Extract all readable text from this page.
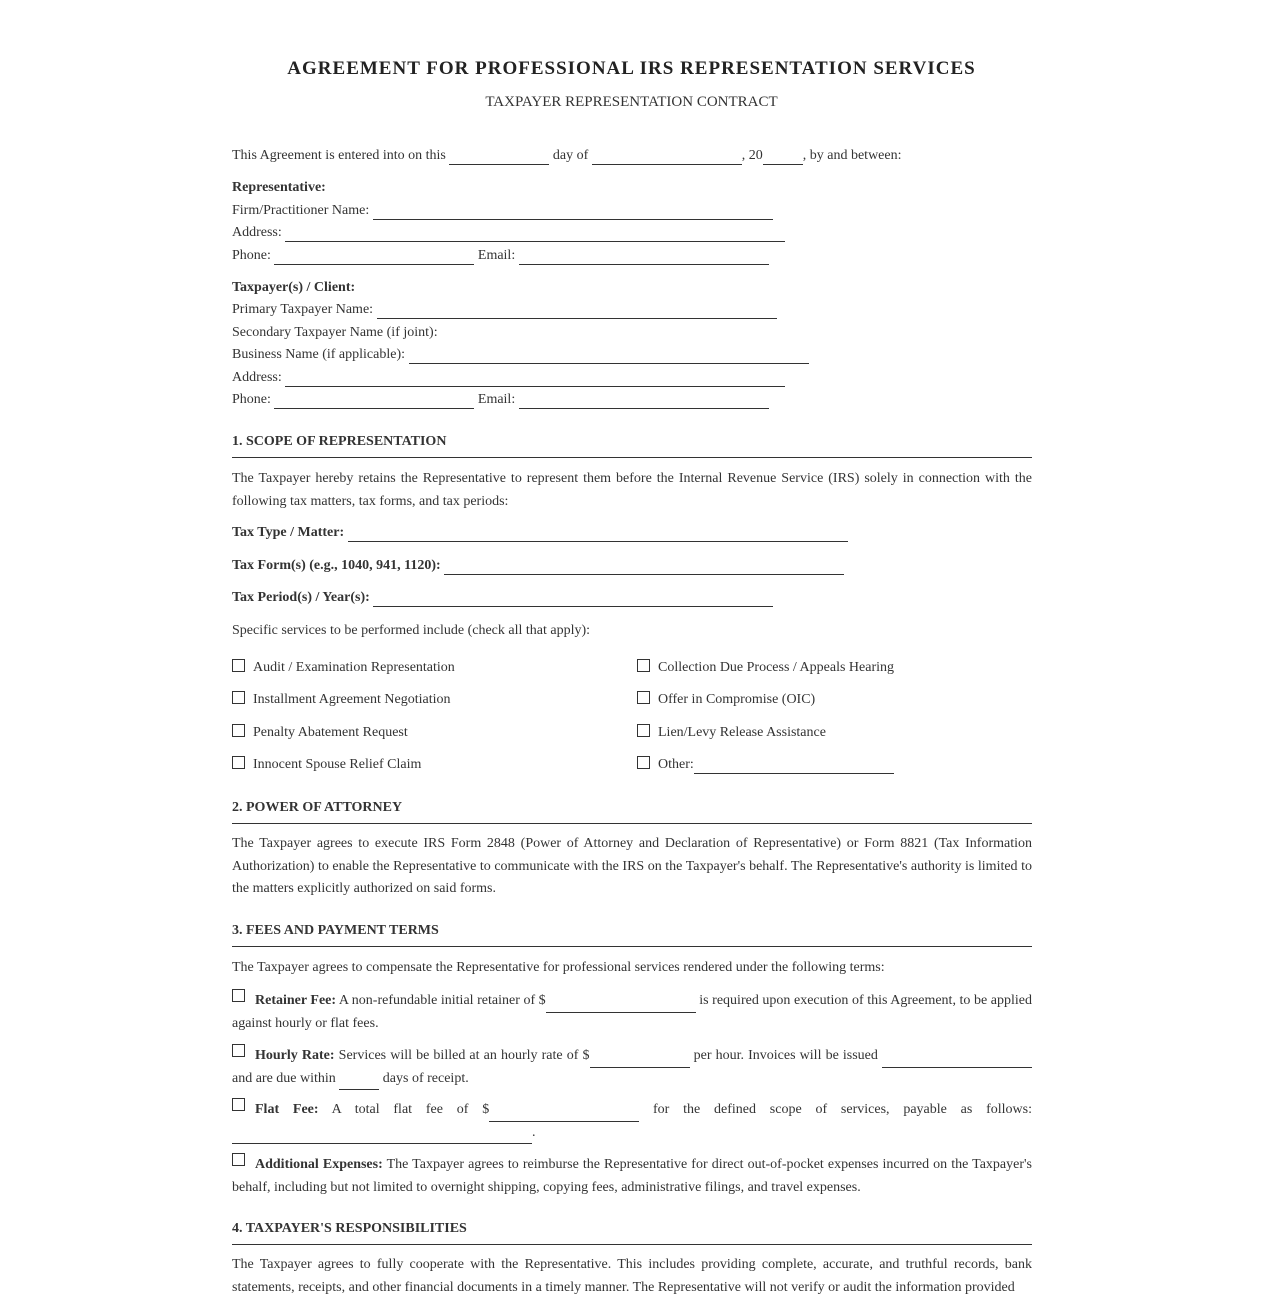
AGREEMENT FOR PROFESSIONAL IRS REPRESENTATION SERVICES
TAXPAYER REPRESENTATION CONTRACT
This Agreement is entered into on this	day of	, 20	, by and between:
Representative:
Firm/Practitioner Name:
Address:
Phone:	Email:
Taxpayer(s) / Client:
Primary Taxpayer Name:
Secondary Taxpayer Name (if joint):
Business Name (if applicable):
Address:
Phone:	Email:
1. SCOPE OF REPRESENTATION
The Taxpayer hereby retains the Representative to represent them before the Internal Revenue Service (IRS) solely in connection with the following tax matters, tax forms, and tax periods:
Tax Type / Matter:
Tax Form(s) (e.g., 1040, 941, 1120):
Tax Period(s) / Year(s):
Specific services to be performed include (check all that apply):
Audit / Examination Representation
Installment Agreement Negotiation
Penalty Abatement Request
Innocent Spouse Relief Claim
Collection Due Process / Appeals Hearing
Offer in Compromise (OIC)
Lien/Levy Release Assistance
Other:
2. POWER OF ATTORNEY
The Taxpayer agrees to execute IRS Form 2848 (Power of Attorney and Declaration of Representative) or Form 8821 (Tax Information Authorization) to enable the Representative to communicate with the IRS on the Taxpayer's behalf. The Representative's authority is limited to the matters explicitly authorized on said forms.
3. FEES AND PAYMENT TERMS
The Taxpayer agrees to compensate the Representative for professional services rendered under the following terms:
Retainer Fee: A non-refundable initial retainer of $	is required upon execution of this Agreement, to be applied against hourly or flat fees.
Hourly Rate: Services will be billed at an hourly rate of $	per hour. Invoices will be issued  and are due within	days of receipt.
Flat Fee: A total flat fee of $	for the defined scope of services, payable as follows: .
Additional Expenses: The Taxpayer agrees to reimburse the Representative for direct out-of-pocket expenses incurred on the Taxpayer's behalf, including but not limited to overnight shipping, copying fees, administrative filings, and travel expenses.
4. TAXPAYER'S RESPONSIBILITIES
The Taxpayer agrees to fully cooperate with the Representative. This includes providing complete, accurate, and truthful records, bank statements, receipts, and other financial documents in a timely manner. The Representative will not verify or audit the information provided
